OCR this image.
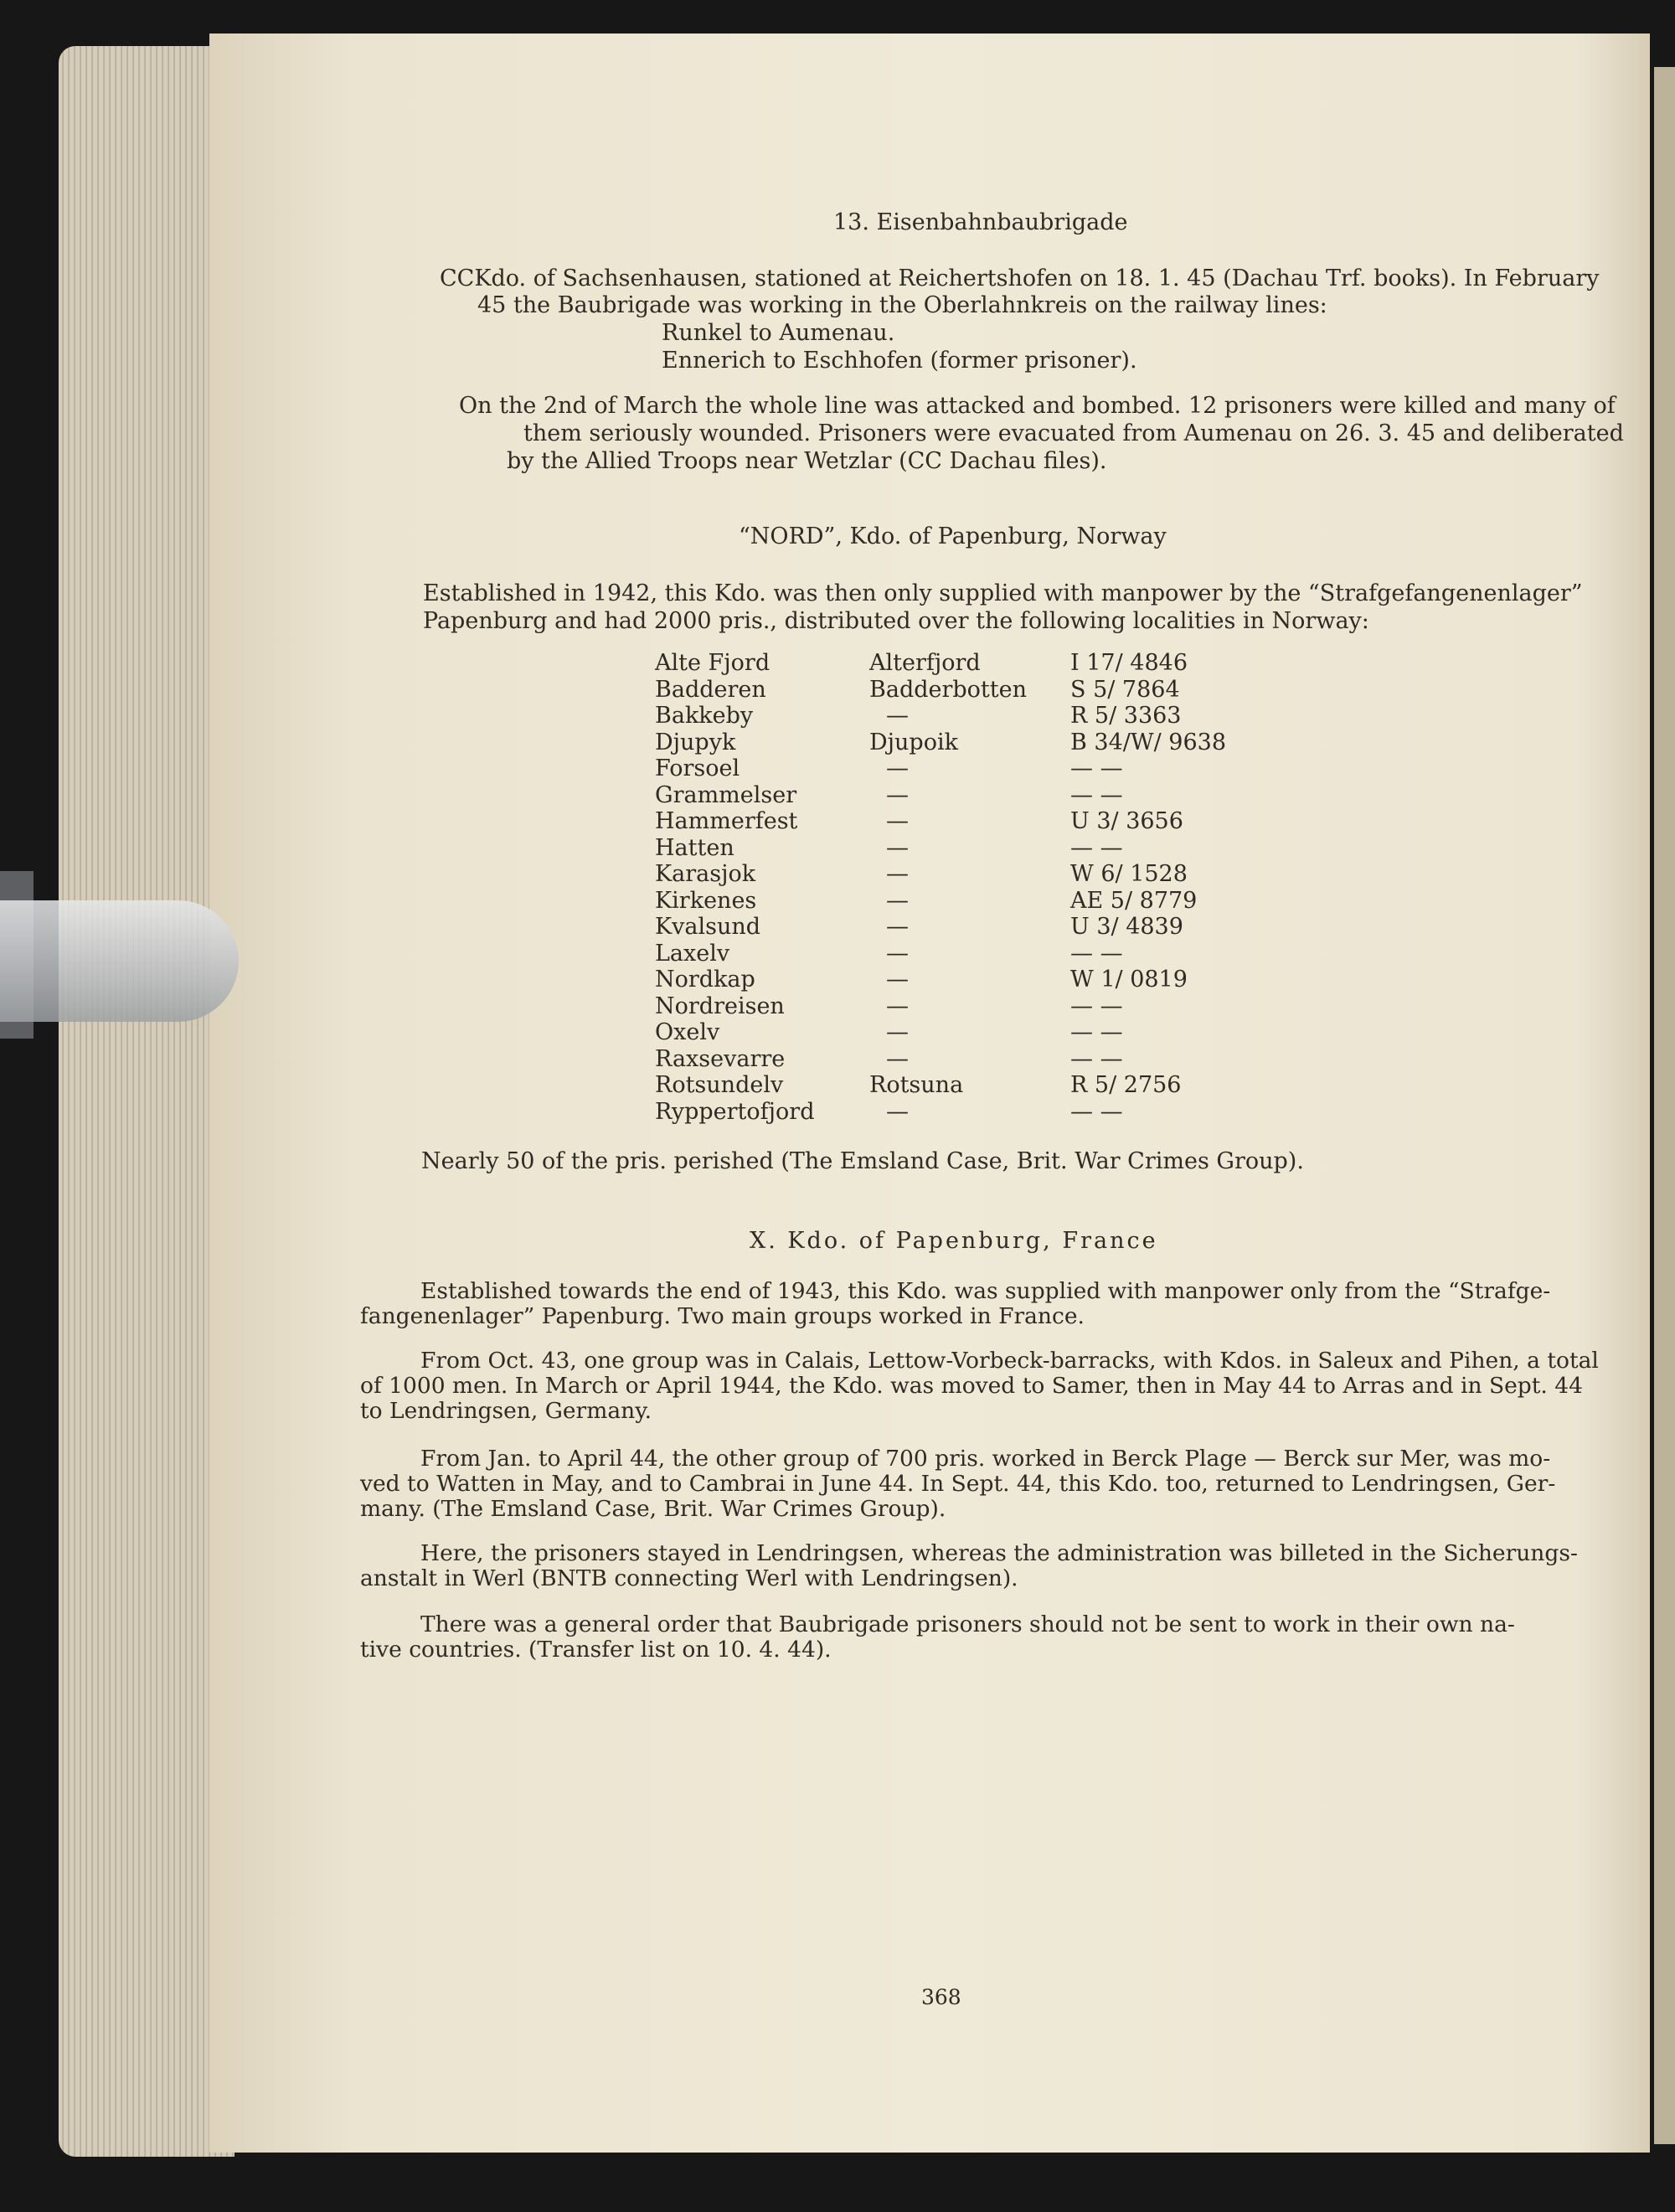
13. Eisenbahnbaubrigade
CCKdo. of Sachsenhausen, stationed at Reichertshofen on 18. 1. 45 (Dachau Trf. books). In February
45 the Baubrigade was working in the Oberlahnkreis on the railway lines:
Runkel to Aumenau.
Ennerich to Eschhofen (former prisoner).
On the 2nd of March the whole line was attacked and bombed. 12 prisoners were killed and many of
them seriously wounded. Prisoners were evacuated from Aumenau on 26. 3. 45 and deliberated
by the Allied Troops near Wetzlar (CC Dachau files).
“NORD”, Kdo. of Papenburg, Norway
Established in 1942, this Kdo. was then only supplied with manpower by the “Strafgefangenenlager”
Papenburg and had 2000 pris., distributed over the following localities in Norway:
Alte Fjord
Badderen
Bakkeby
Djupyk
Forsoel
Grammelser
Hammerfest
Hatten
Karasjok
Kirkenes
Kvalsund
Laxelv
Nordkap
Nordreisen
Oxelv
Raxsevarre
Rotsundelv
Ryppertofjord
Alterfjord
Badderbotten
—
Djupoik
—
—
—
—
—
—
—
—
—
—
—
—
Rotsuna
—
I 17/ 4846
S 5/ 7864
R 5/ 3363
B 34/W/ 9638
— —
— —
U 3/ 3656
— —
W 6/ 1528
AE 5/ 8779
U 3/ 4839
— —
W 1/ 0819
— —
— —
— —
R 5/ 2756
— —
Nearly 50 of the pris. perished (The Emsland Case, Brit. War Crimes Group).
X. Kdo. of Papenburg, France

Established towards the end of 1943, this Kdo. was supplied with manpower only from the “Strafge-

fangenenlager” Papenburg. Two main groups worked in France.

From Oct. 43, one group was in Calais, Lettow-Vorbeck-barracks, with Kdos. in Saleux and Pihen, a total

of 1000 men. In March or April 1944, the Kdo. was moved to Samer, then in May 44 to Arras and in Sept. 44

to Lendringsen, Germany.

From Jan. to April 44, the other group of 700 pris. worked in Berck Plage — Berck sur Mer, was mo-

ved to Watten in May, and to Cambrai in June 44. In Sept. 44, this Kdo. too, returned to Lendringsen, Ger-

many. (The Emsland Case, Brit. War Crimes Group).

Here, the prisoners stayed in Lendringsen, whereas the administration was billeted in the Sicherungs-

anstalt in Werl (BNTB connecting Werl with Lendringsen).

There was a general order that Baubrigade prisoners should not be sent to work in their own na-

tive countries. (Transfer list on 10. 4. 44).

368
